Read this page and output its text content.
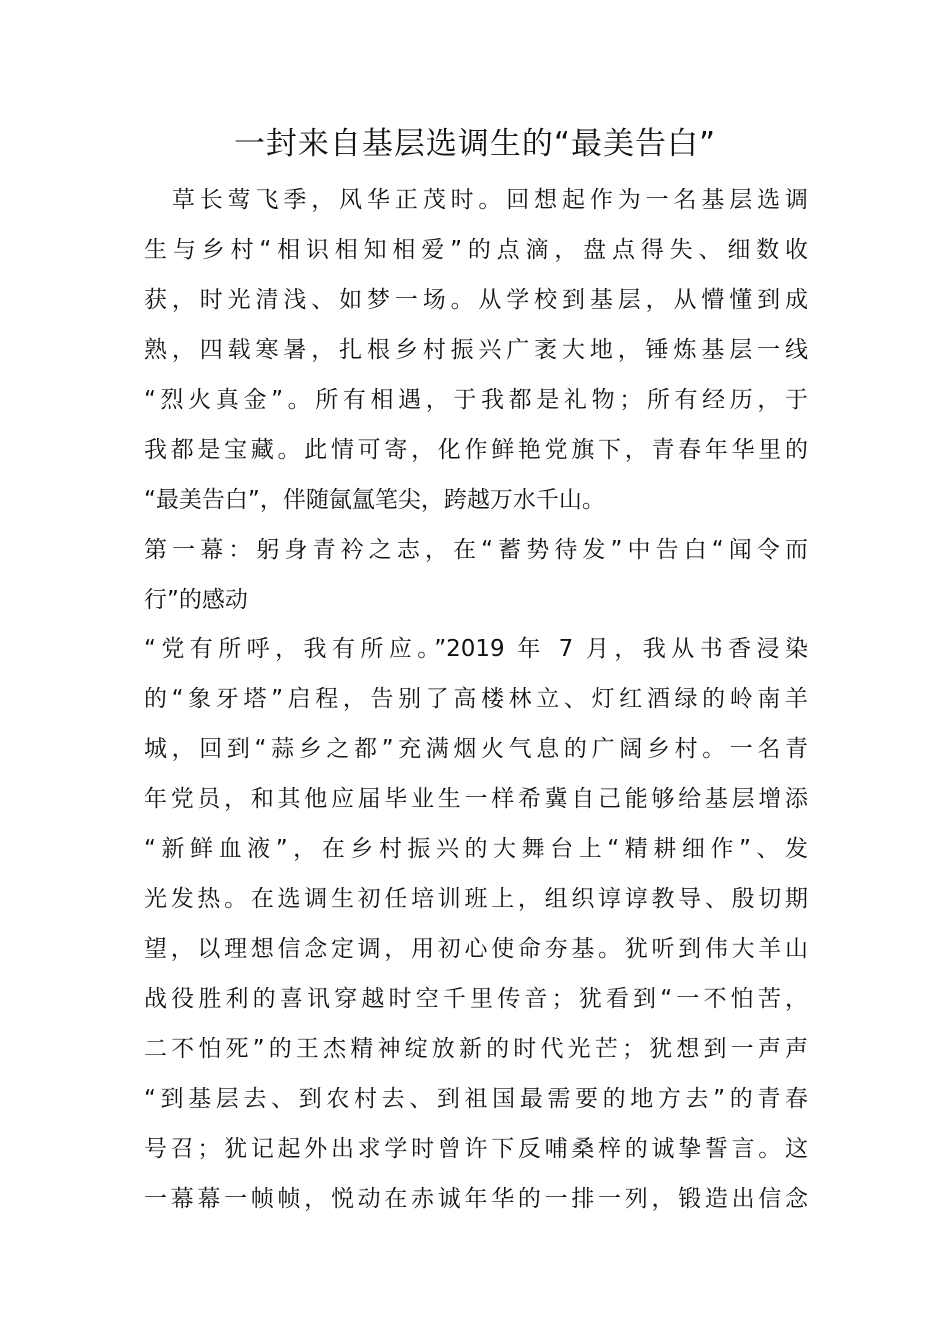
一封来自基层选调生的“最美告白”
　草长莺飞季，风华正茂时。回想起作为一名基层选调
生与乡村“相识相知相爱”的点滴，盘点得失、细数收
获，时光清浅、如梦一场。从学校到基层，从懵懂到成
熟，四载寒暑，扎根乡村振兴广袤大地，锤炼基层一线
“烈火真金”。所有相遇，于我都是礼物；所有经历，于
我都是宝藏。此情可寄，化作鲜艳党旗下，青春年华里的
“最美告白”，伴随氤氲笔尖，跨越万水千山。
第一幕：躬身青衿之志，在“蓄势待发”中告白“闻令而
行”的感动
“党有所呼，我有所应。”2019 年 7 月，我从书香浸染
的“象牙塔”启程，告别了高楼林立、灯红酒绿的岭南羊
城，回到“蒜乡之都”充满烟火气息的广阔乡村。一名青
年党员，和其他应届毕业生一样希冀自己能够给基层增添
“新鲜血液”，在乡村振兴的大舞台上“精耕细作”、发
光发热。在选调生初任培训班上，组织谆谆教导、殷切期
望，以理想信念定调，用初心使命夯基。犹听到伟大羊山
战役胜利的喜讯穿越时空千里传音；犹看到“一不怕苦，
二不怕死”的王杰精神绽放新的时代光芒；犹想到一声声
“到基层去、到农村去、到祖国最需要的地方去”的青春
号召；犹记起外出求学时曾许下反哺桑梓的诚挚誓言。这
一幕幕一帧帧，悦动在赤诚年华的一排一列，锻造出信念
